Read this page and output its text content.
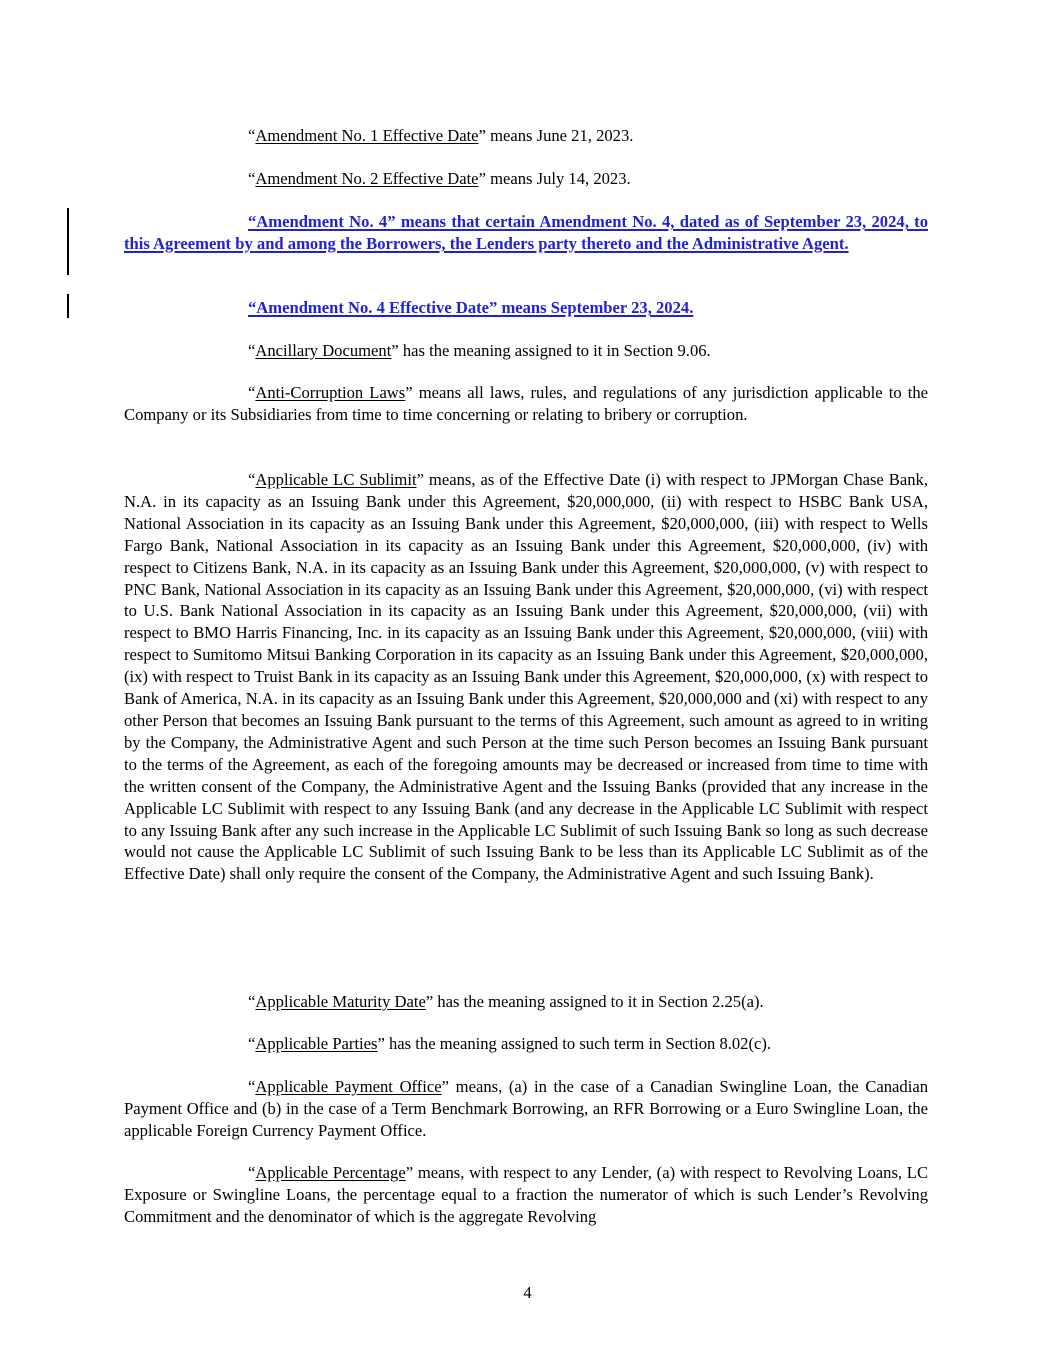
“Amendment No. 1 Effective Date” means June 21, 2023.

“Amendment No. 2 Effective Date” means July 14, 2023.

“Amendment No. 4” means that certain Amendment No. 4, dated as of September 23, 2024, to this Agreement by and among the Borrowers, the Lenders party thereto and the Administrative Agent.

“Amendment No. 4 Effective Date” means September 23, 2024.

“Ancillary Document” has the meaning assigned to it in Section 9.06.

“Anti-Corruption Laws” means all laws, rules, and regulations of any jurisdiction applicable to the Company or its Subsidiaries from time to time concerning or relating to bribery or corruption.

“Applicable LC Sublimit” means, as of the Effective Date (i) with respect to JPMorgan Chase Bank, N.A. in its capacity as an Issuing Bank under this Agreement, $20,000,000, (ii) with respect to HSBC Bank USA, National Association in its capacity as an Issuing Bank under this Agreement, $20,000,000, (iii) with respect to Wells Fargo Bank, National Association in its capacity as an Issuing Bank under this Agreement, $20,000,000, (iv) with respect to Citizens Bank, N.A. in its capacity as an Issuing Bank under this Agreement, $20,000,000, (v) with respect to PNC Bank, National Association in its capacity as an Issuing Bank under this Agreement, $20,000,000, (vi) with respect to U.S. Bank National Association in its capacity as an Issuing Bank under this Agreement, $20,000,000, (vii) with respect to BMO Harris Financing, Inc. in its capacity as an Issuing Bank under this Agreement, $20,000,000, (viii) with respect to Sumitomo Mitsui Banking Corporation in its capacity as an Issuing Bank under this Agreement, $20,000,000, (ix) with respect to Truist Bank in its capacity as an Issuing Bank under this Agreement, $20,000,000, (x) with respect to Bank of America, N.A. in its capacity as an Issuing Bank under this Agreement, $20,000,000 and (xi) with respect to any other Person that becomes an Issuing Bank pursuant to the terms of this Agreement, such amount as agreed to in writing by the Company, the Administrative Agent and such Person at the time such Person becomes an Issuing Bank pursuant to the terms of the Agreement, as each of the foregoing amounts may be decreased or increased from time to time with the written consent of the Company, the Administrative Agent and the Issuing Banks (provided that any increase in the Applicable LC Sublimit with respect to any Issuing Bank (and any decrease in the Applicable LC Sublimit with respect to any Issuing Bank after any such increase in the Applicable LC Sublimit of such Issuing Bank so long as such decrease would not cause the Applicable LC Sublimit of such Issuing Bank to be less than its Applicable LC Sublimit as of the Effective Date) shall only require the consent of the Company, the Administrative Agent and such Issuing Bank).

“Applicable Maturity Date” has the meaning assigned to it in Section 2.25(a).

“Applicable Parties” has the meaning assigned to such term in Section 8.02(c).

“Applicable Payment Office” means, (a) in the case of a Canadian Swingline Loan, the Canadian Payment Office and (b) in the case of a Term Benchmark Borrowing, an RFR Borrowing or a Euro Swingline Loan, the applicable Foreign Currency Payment Office.

“Applicable Percentage” means, with respect to any Lender, (a) with respect to Revolving Loans, LC Exposure or Swingline Loans, the percentage equal to a fraction the numerator of which is such Lender’s Revolving Commitment and the denominator of which is the aggregate Revolving

4
